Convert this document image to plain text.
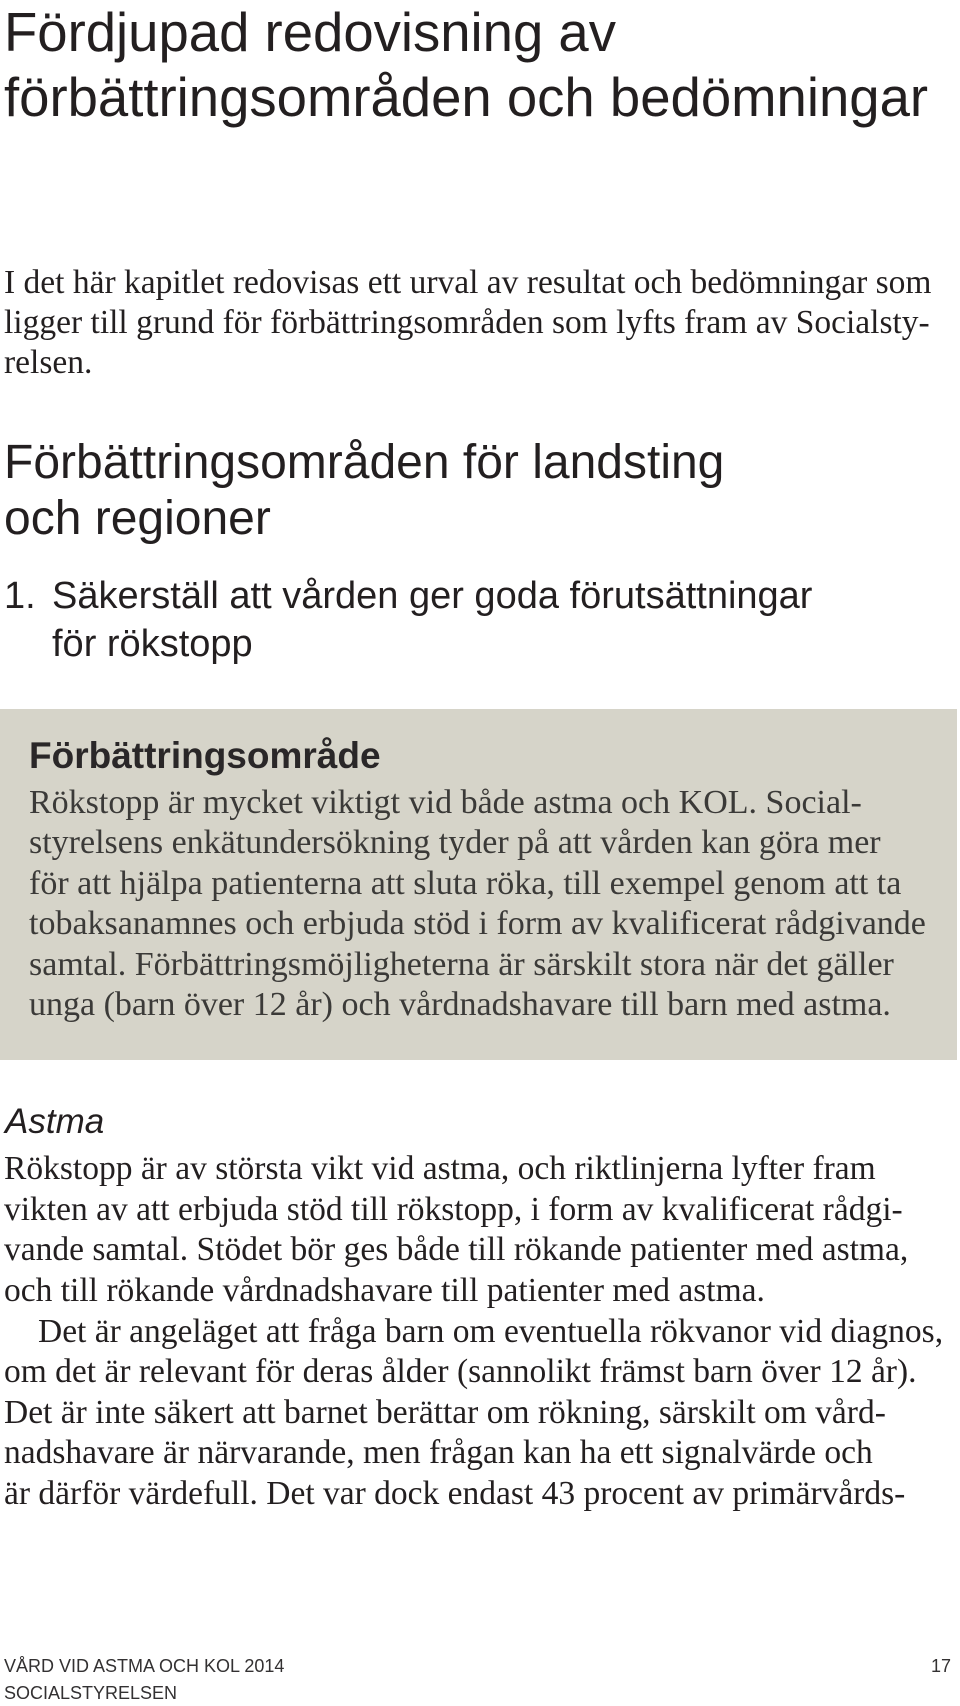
Fördjupad redovisning av
förbättringsområden och bedömningar
I det här kapitlet redovisas ett urval av resultat och bedömningar som
ligger till grund för förbättringsområden som lyfts fram av Socialsty-
relsen.
Förbättringsområden för landsting
och regioner
1. Säkerställ att vården ger goda förutsättningar
för rökstopp
Förbättringsområde
Rökstopp är mycket viktigt vid både astma och KOL. Social-
styrelsens enkätundersökning tyder på att vården kan göra mer
för att hjälpa patienterna att sluta röka, till exempel genom att ta
tobaksanamnes och erbjuda stöd i form av kvalificerat rådgivande
samtal. Förbättringsmöjligheterna är särskilt stora när det gäller
unga (barn över 12 år) och vårdnadshavare till barn med astma.
Astma
Rökstopp är av största vikt vid astma, och riktlinjerna lyfter fram
vikten av att erbjuda stöd till rökstopp, i form av kvalificerat rådgi-
vande samtal. Stödet bör ges både till rökande patienter med astma,
och till rökande vårdnadshavare till patienter med astma.
Det är angeläget att fråga barn om eventuella rökvanor vid diagnos,
om det är relevant för deras ålder (sannolikt främst barn över 12 år).
Det är inte säkert att barnet berättar om rökning, särskilt om vård-
nadshavare är närvarande, men frågan kan ha ett signalvärde och
är därför värdefull. Det var dock endast 43 procent av primärvårds-
VÅRD VID ASTMA OCH KOL 2014
SOCIALSTYRELSEN
17
